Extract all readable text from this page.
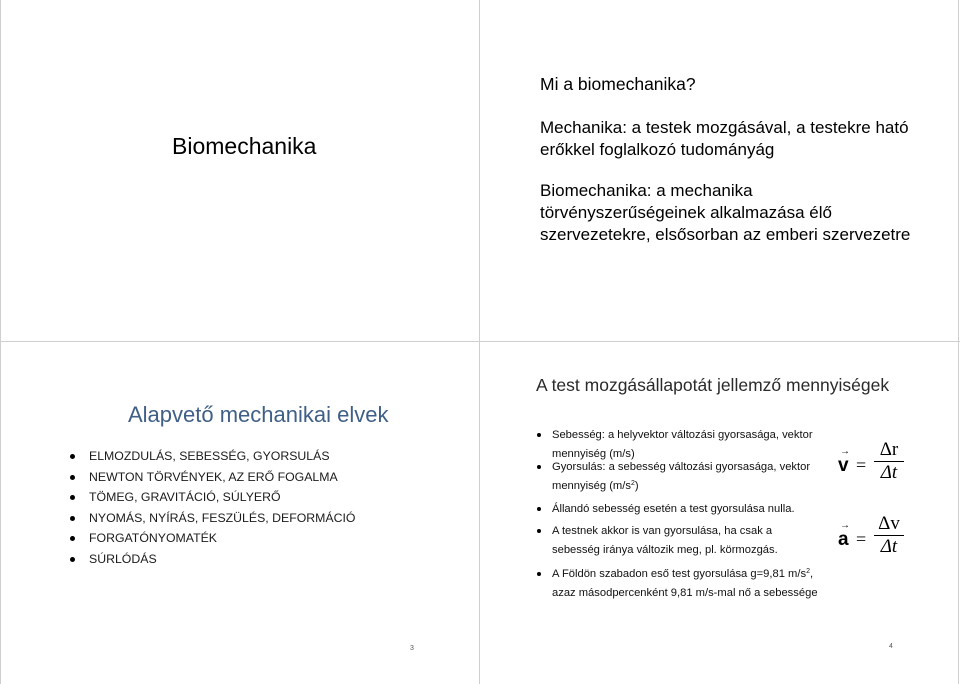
Biomechanika
Mi a biomechanika?
Mechanika: a testek mozgásával, a testekre ható erőkkel foglalkozó tudományág
Biomechanika: a mechanika törvényszerűségeinek alkalmazása élő szervezetekre, elsősorban az emberi szervezetre
Alapvető mechanikai elvek
ELMOZDULÁS, SEBESSÉG, GYORSULÁS
NEWTON TÖRVÉNYEK, AZ ERŐ FOGALMA
TÖMEG, GRAVITÁCIÓ, SÚLYERŐ
NYOMÁS, NYÍRÁS, FESZÜLÉS, DEFORMÁCIÓ
FORGATÓNYOMATÉK
SÚRLÓDÁS
3
A test mozgásállapotát jellemző mennyiségek
Sebesség: a helyvektor változási gyorsasága, vektor mennyiség (m/s)
Gyorsulás: a sebesség változási gyorsasága, vektor mennyiség $(m/s^2)$
Állandó sebesség esetén a test gyorsulása nulla.
A testnek akkor is van gyorsulása, ha csak a sebesség iránya változik meg, pl. körmozgás.
A Földön szabadon eső test gyorsulása g=9,81 $m/s^2$, azaz másodpercenként 9,81 m/s-mal nő a sebessége
→
v =
Δr
Δt
→
a =
Δv
Δt
4
